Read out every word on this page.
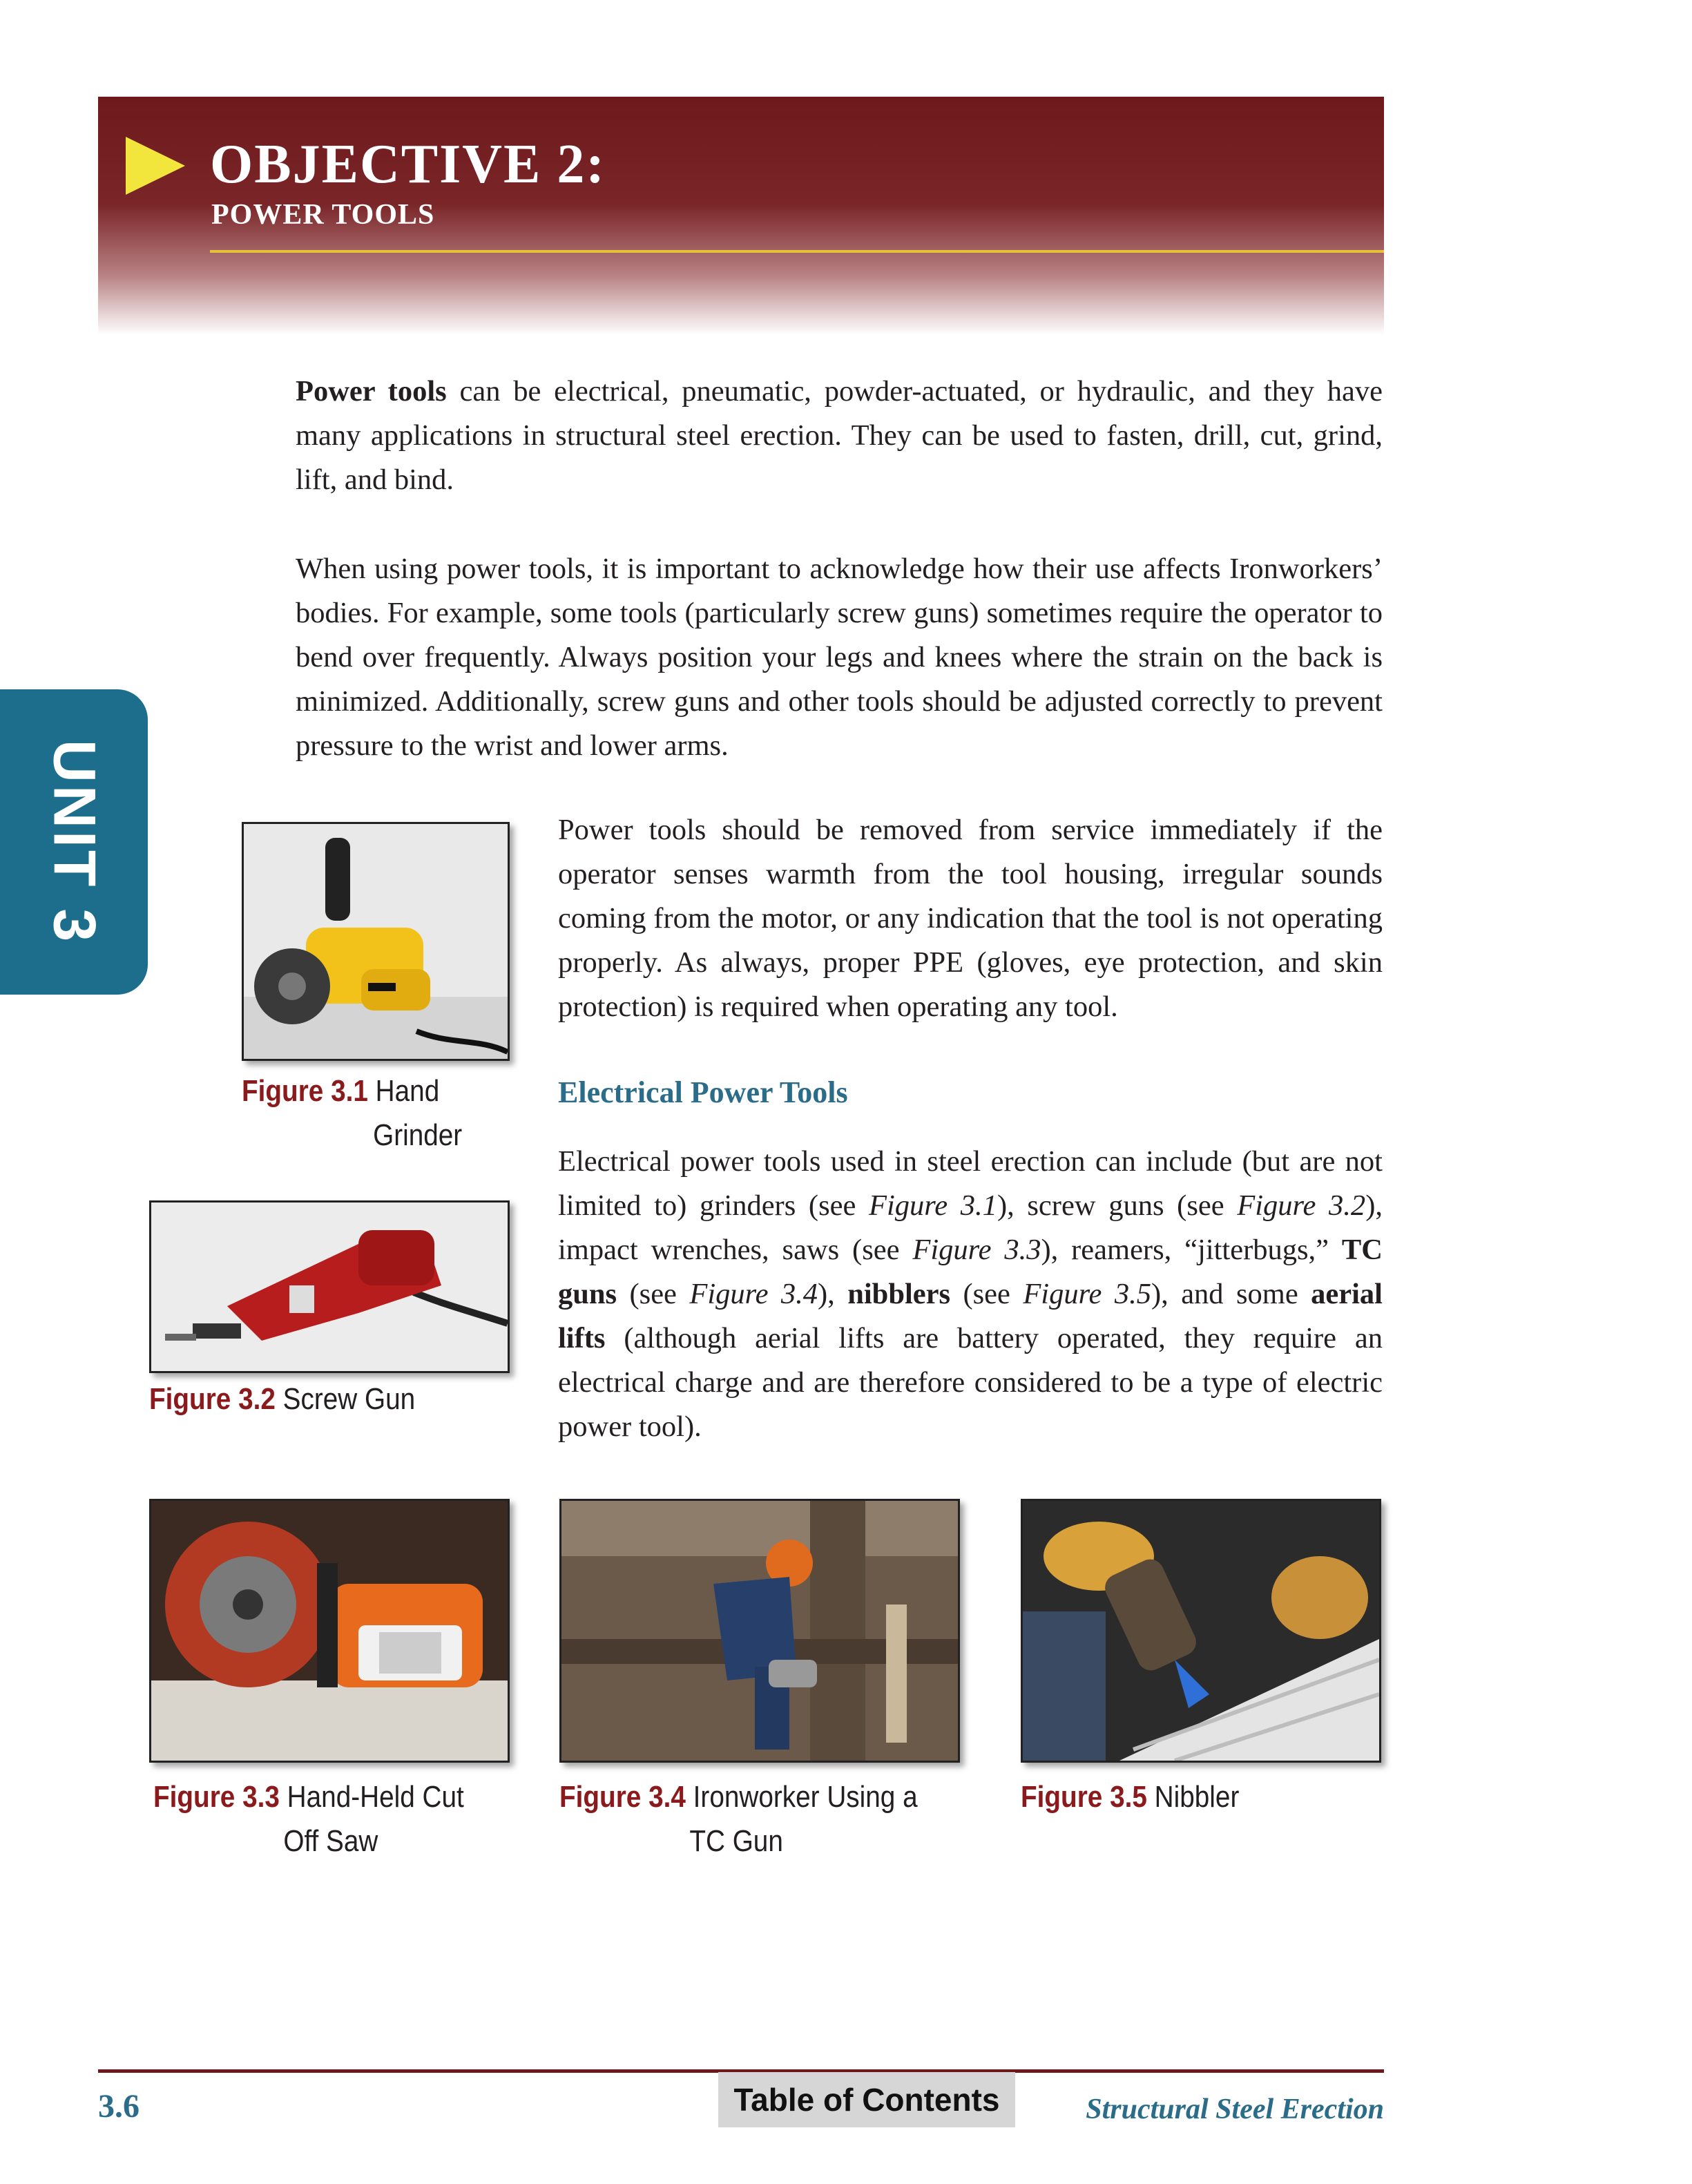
OBJECTIVE 2:
POWER TOOLS

Power tools can be electrical, pneumatic, powder-actuated, or hydraulic, and they have many applications in structural steel erection. They can be used to fasten, drill, cut, grind, lift, and bind.

When using power tools, it is important to acknowledge how their use affects Ironworkers’ bodies. For example, some tools (particularly screw guns) sometimes require the operator to bend over frequently. Always position your legs and knees where the strain on the back is minimized. Additionally, screw guns and other tools should be adjusted correctly to prevent pressure to the wrist and lower arms.

UNIT 3
Figure 3.1 Hand
Grinder

Power tools should be removed from service immediately if the operator senses warmth from the tool housing, irregular sounds coming from the motor, or any indication that the tool is not operating properly. As always, proper PPE (gloves, eye protection, and skin protection) is required when operating any tool.

Electrical Power Tools

Electrical power tools used in steel erection can include (but are not limited to) grinders (see Figure 3.1), screw guns (see Figure 3.2), impact wrenches, saws (see Figure 3.3), reamers, “jitterbugs,” TC guns (see Figure 3.4), nibblers (see Figure 3.5), and some aerial lifts (although aerial lifts are battery operated, they require an electrical charge and are therefore considered to be a type of electric power tool).

Figure 3.2 Screw Gun
Figure 3.3 Hand-Held Cut
Off Saw
Figure 3.4 Ironworker Using a
TC Gun
Figure 3.5 Nibbler
3.6	Table of Contents	Structural Steel Erection
